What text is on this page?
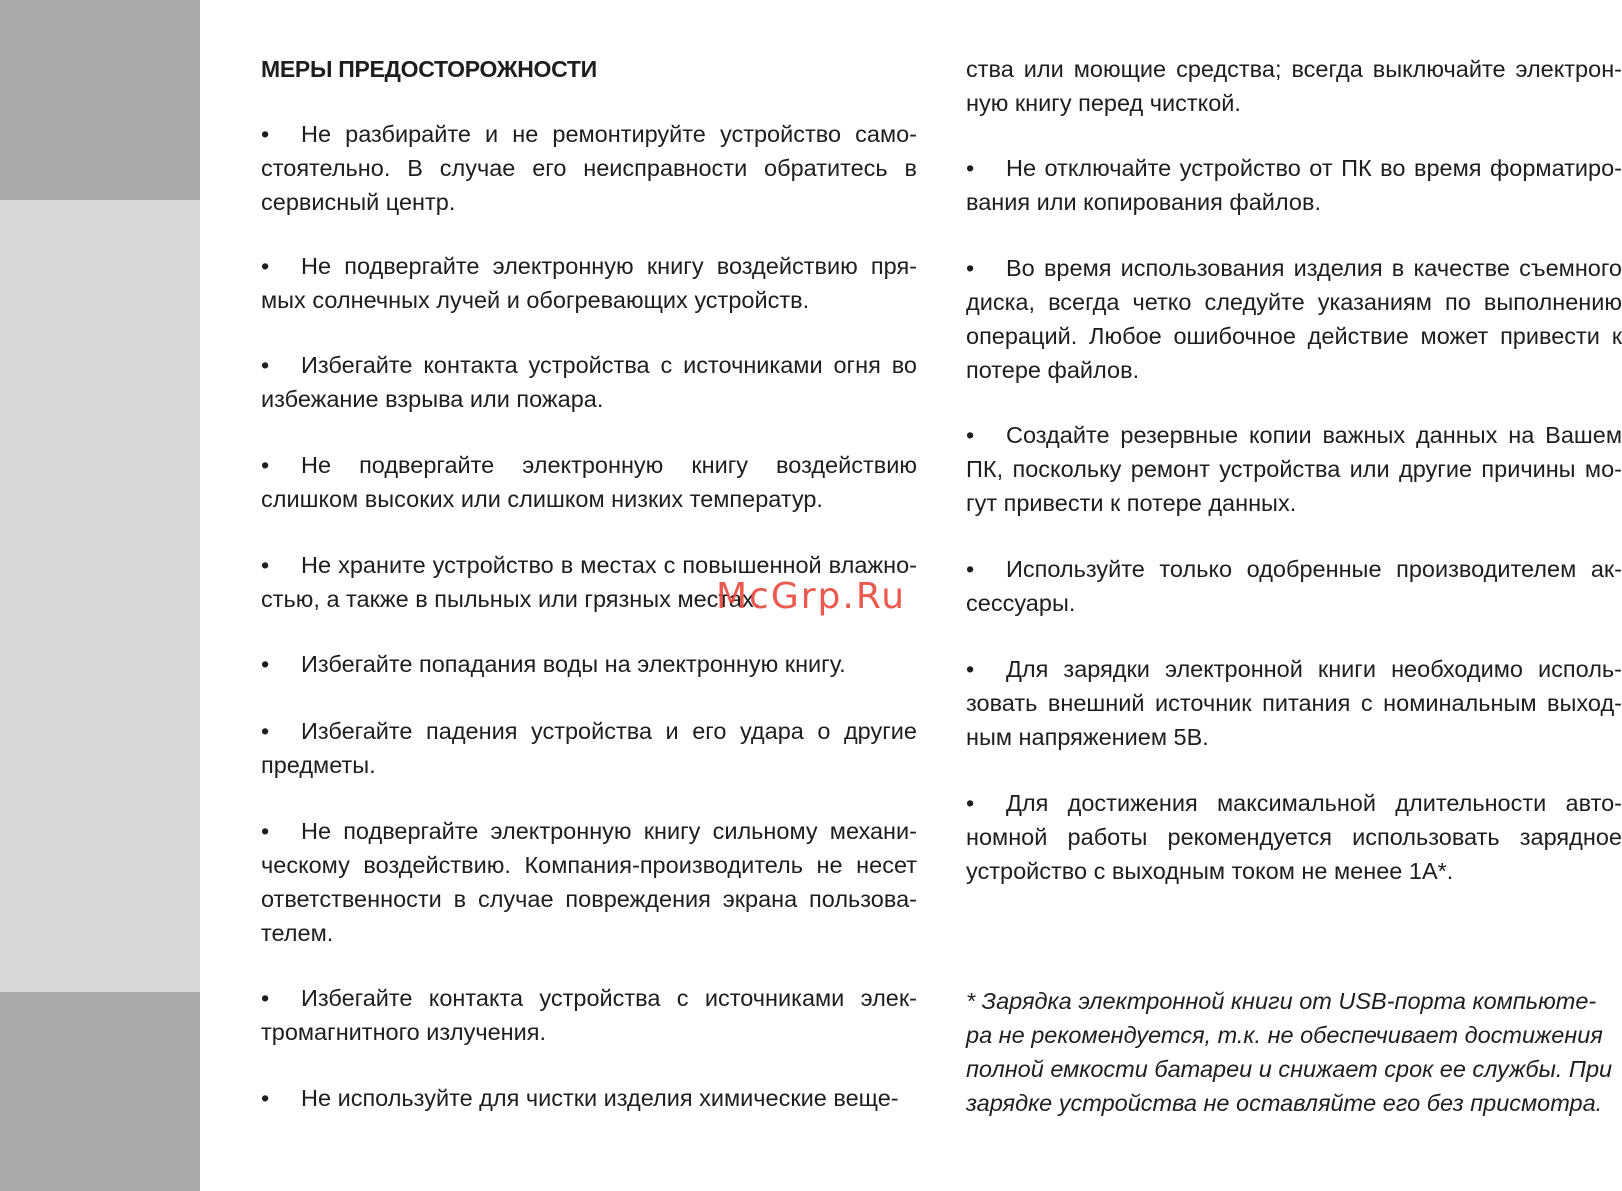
МЕРЫ ПРЕДОСТОРОЖНОСТИ

• Не разбирайте и не ремонтируйте устройство само-стоятельно. В случае его неисправности обратитесь в сервисный центр.

• Не подвергайте электронную книгу воздействию пря-мых солнечных лучей и обогревающих устройств.

• Избегайте контакта устройства с источниками огня во избежание взрыва или пожара.

• Не подвергайте электронную книгу воздействию слишком высоких или слишком низких температур.

• Не храните устройство в местах с повышенной влажно-стью, а также в пыльных или грязных местах.

• Избегайте попадания воды на электронную книгу.

• Избегайте падения устройства и его удара о другие предметы.

• Не подвергайте электронную книгу сильному механи-ческому воздействию. Компания-производитель не несет ответственности в случае повреждения экрана пользова-телем.

• Избегайте контакта устройства с источниками элек-тромагнитного излучения.

• Не используйте для чистки изделия химические веще-

ства или моющие средства; всегда выключайте электрон-ную книгу перед чисткой.

• Не отключайте устройство от ПК во время форматиро-вания или копирования файлов.

• Во время использования изделия в качестве съемного диска, всегда четко следуйте указаниям по выполнению операций. Любое ошибочное действие может привести к потере файлов.

• Создайте резервные копии важных данных на Вашем ПК, поскольку ремонт устройства или другие причины мо-гут привести к потере данных.

• Используйте только одобренные производителем ак-сессуары.

• Для зарядки электронной книги необходимо исполь-зовать внешний источник питания с номинальным выход-ным напряжением 5В.

• Для достижения максимальной длительности авто-номной работы рекомендуется использовать зарядное устройство с выходным током не менее 1А*.

* Зарядка электронной книги от USB-порта компьюте-ра не рекомендуется, т.к. не обеспечивает достижения полной емкости батареи и снижает срок ее службы. При зарядке устройства не оставляйте его без присмотра.

McGrp.Ru
